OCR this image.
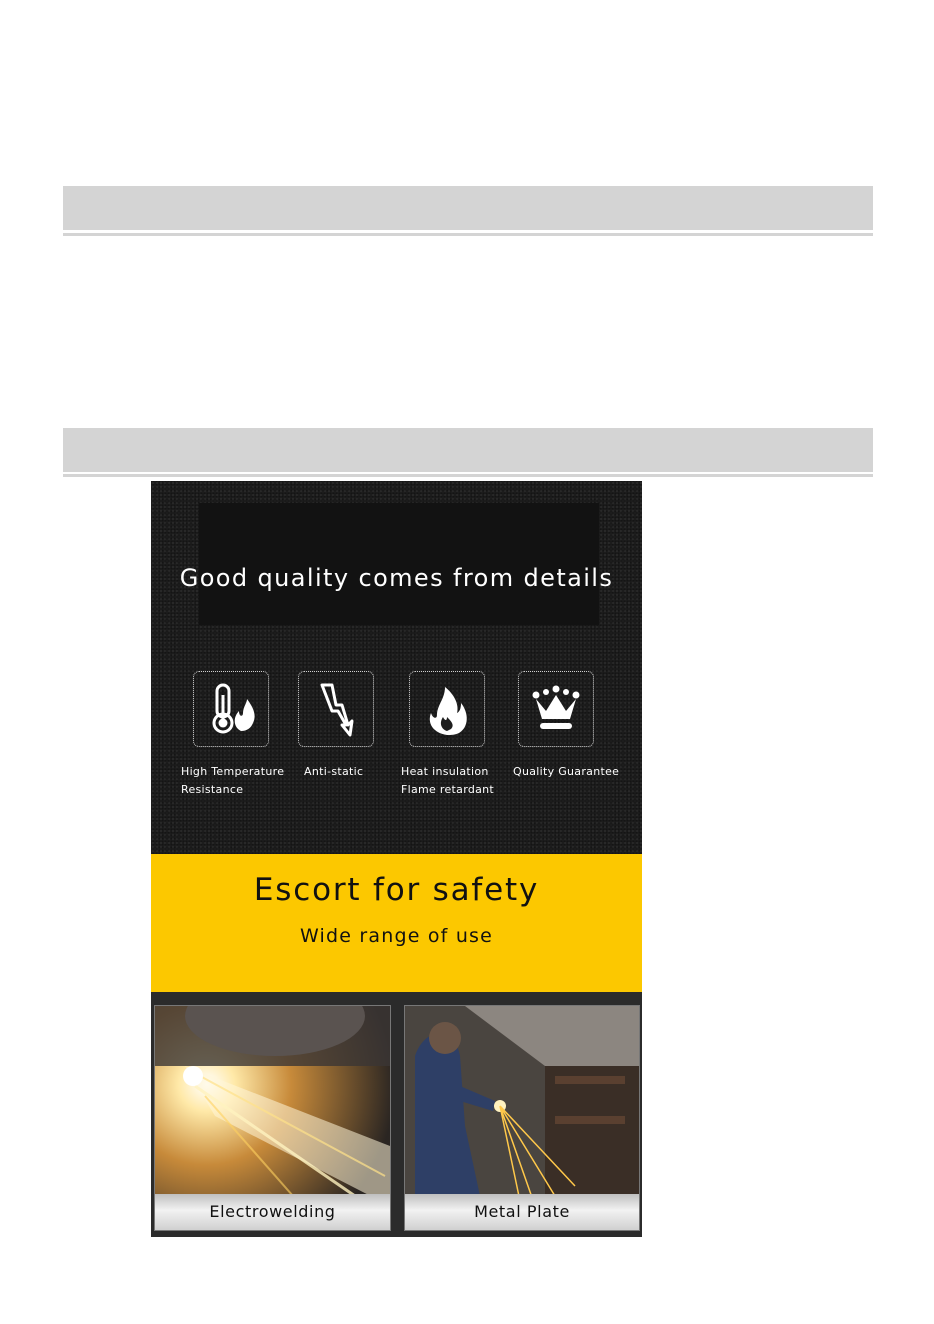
Good quality comes from details
High Temperature
Resistance
Anti-static	Heat insulation
Flame retardant
Quality Guarantee
Escort for safety
Wide range of use
Electrowelding	Metal Plate
